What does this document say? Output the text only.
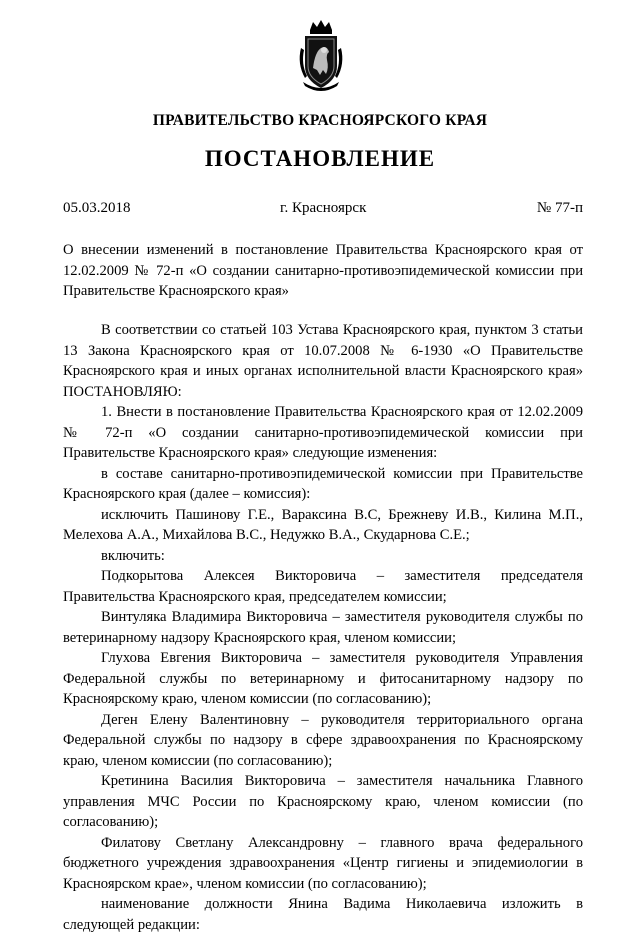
ПРАВИТЕЛЬСТВО КРАСНОЯРСКОГО КРАЯ
ПОСТАНОВЛЕНИЕ
05.03.2018	г. Красноярск	№ 77-п
О внесении изменений в постановление Правительства Красноярского края от 12.02.2009 № 72-п «О создании санитарно-противоэпидемической комиссии при Правительстве Красноярского края»

В соответствии со статьей 103 Устава Красноярского края, пунктом 3 статьи 13 Закона Красноярского края от 10.07.2008 № 6-1930 «О Правительстве Красноярского края и иных органах исполнительной власти Красноярского края» ПОСТАНОВЛЯЮ:

1. Внести в постановление Правительства Красноярского края от 12.02.2009 № 72-п «О создании санитарно-противоэпидемической комиссии при Правительстве Красноярского края» следующие изменения:

в составе санитарно-противоэпидемической комиссии при Правительстве Красноярского края (далее – комиссия):

исключить Пашинову Г.Е., Вараксина В.С, Брежневу И.В., Килина М.П., Мелехова А.А., Михайлова В.С., Недужко В.А., Скударнова С.Е.;

включить:

Подкорытова Алексея Викторовича – заместителя председателя Правительства Красноярского края, председателем комиссии;

Винтуляка Владимира Викторовича – заместителя руководителя службы по ветеринарному надзору Красноярского края, членом комиссии;

Глухова Евгения Викторовича – заместителя руководителя Управления Федеральной службы по ветеринарному и фитосанитарному надзору по Красноярскому краю, членом комиссии (по согласованию);

Деген Елену Валентиновну – руководителя территориального органа Федеральной службы по надзору в сфере здравоохранения по Красноярскому краю, членом комиссии (по согласованию);

Кретинина Василия Викторовича – заместителя начальника Главного управления МЧС России по Красноярскому краю, членом комиссии (по согласованию);

Филатову Светлану Александровну – главного врача федерального бюджетного учреждения здравоохранения «Центр гигиены и эпидемиологии в Красноярском крае», членом комиссии (по согласованию);

наименование должности Янина Вадима Николаевича изложить в следующей редакции:
